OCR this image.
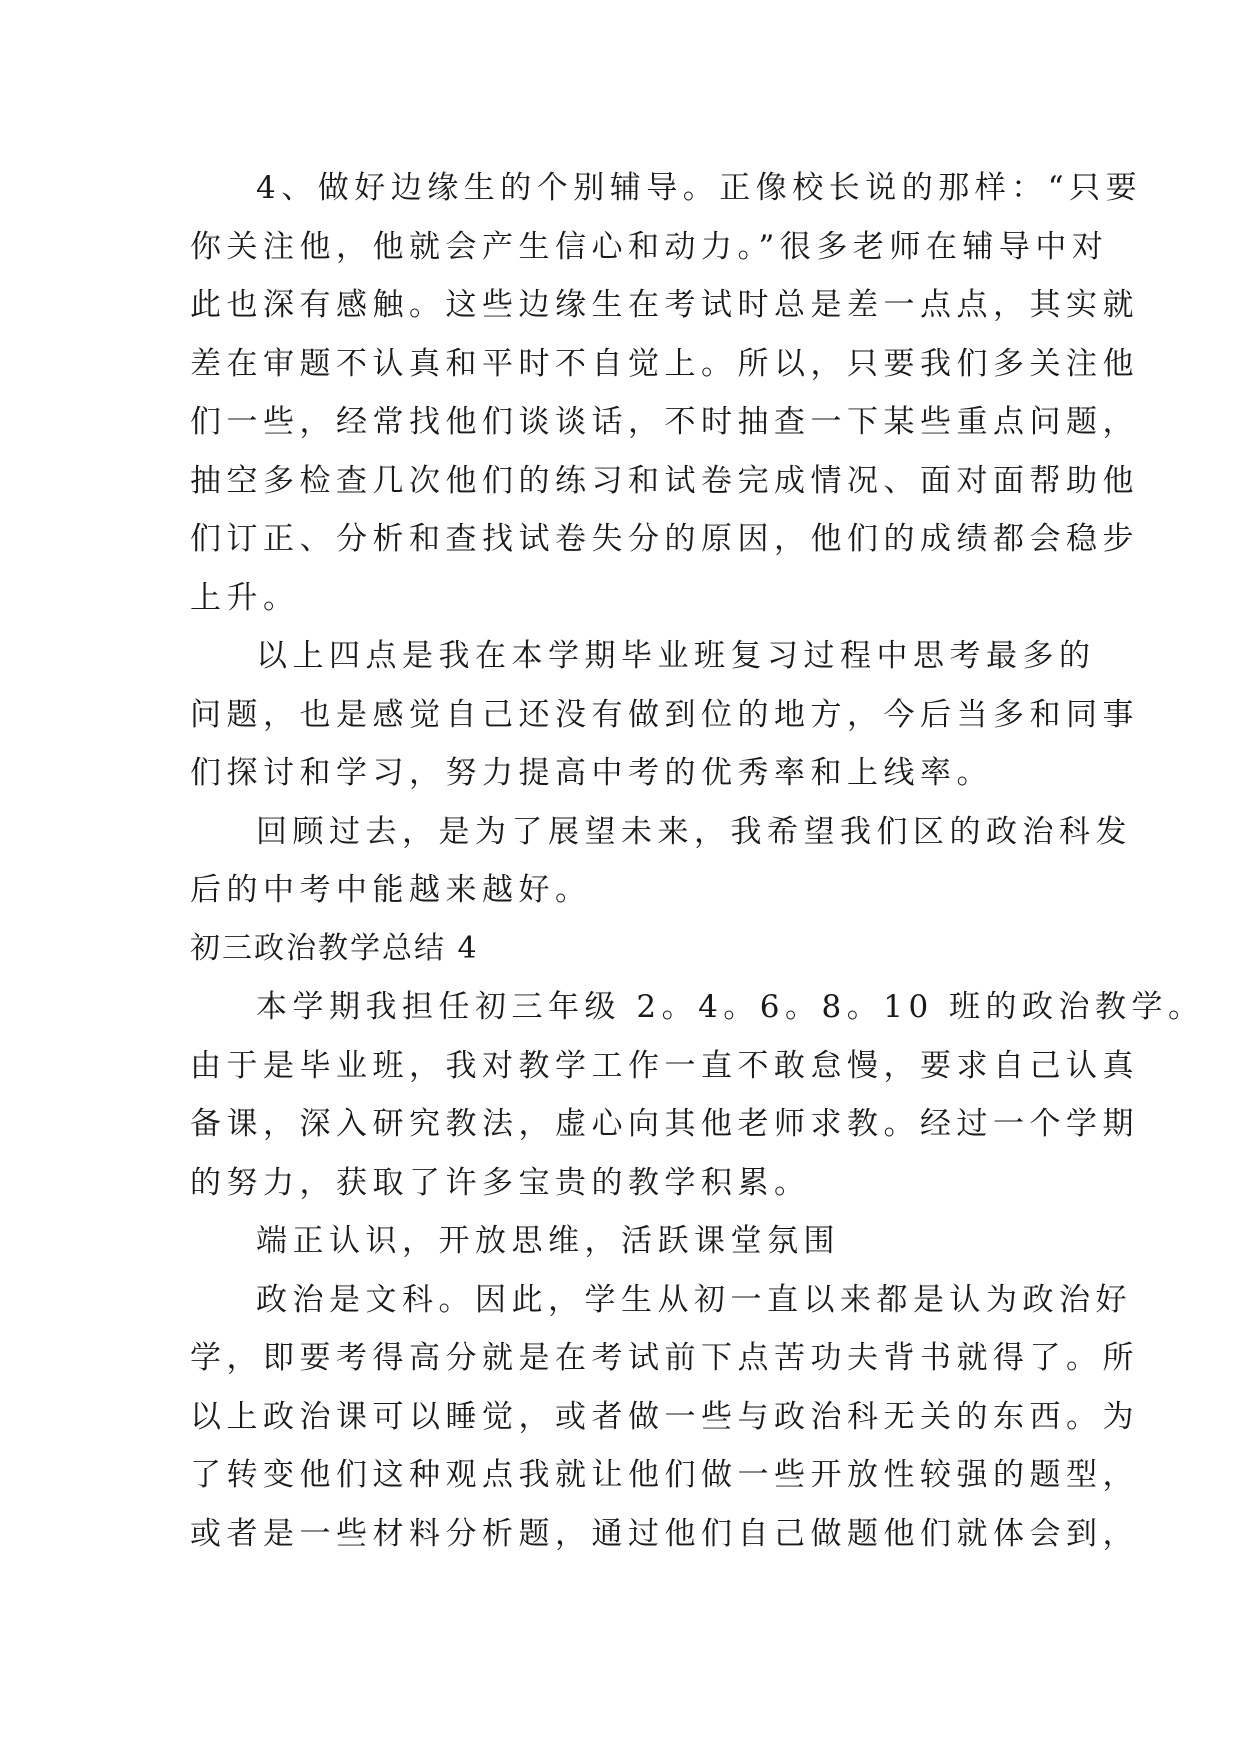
4、做好边缘生的个别辅导。正像校长说的那样：“只要
你关注他，他就会产生信心和动力。”很多老师在辅导中对
此也深有感触。这些边缘生在考试时总是差一点点，其实就
差在审题不认真和平时不自觉上。所以，只要我们多关注他
们一些，经常找他们谈谈话，不时抽查一下某些重点问题，
抽空多检查几次他们的练习和试卷完成情况、面对面帮助他
们订正、分析和查找试卷失分的原因，他们的成绩都会稳步
上升。
以上四点是我在本学期毕业班复习过程中思考最多的
问题，也是感觉自己还没有做到位的地方，今后当多和同事
们探讨和学习，努力提高中考的优秀率和上线率。
回顾过去，是为了展望未来，我希望我们区的政治科发
后的中考中能越来越好。
初三政治教学总结 4
本学期我担任初三年级 2。4。6。8。10 班的政治教学。
由于是毕业班，我对教学工作一直不敢怠慢，要求自己认真
备课，深入研究教法，虚心向其他老师求教。经过一个学期
的努力，获取了许多宝贵的教学积累。
端正认识，开放思维，活跃课堂氛围
政治是文科。因此，学生从初一直以来都是认为政治好
学，即要考得高分就是在考试前下点苦功夫背书就得了。所
以上政治课可以睡觉，或者做一些与政治科无关的东西。为
了转变他们这种观点我就让他们做一些开放性较强的题型，
或者是一些材料分析题，通过他们自己做题他们就体会到，
